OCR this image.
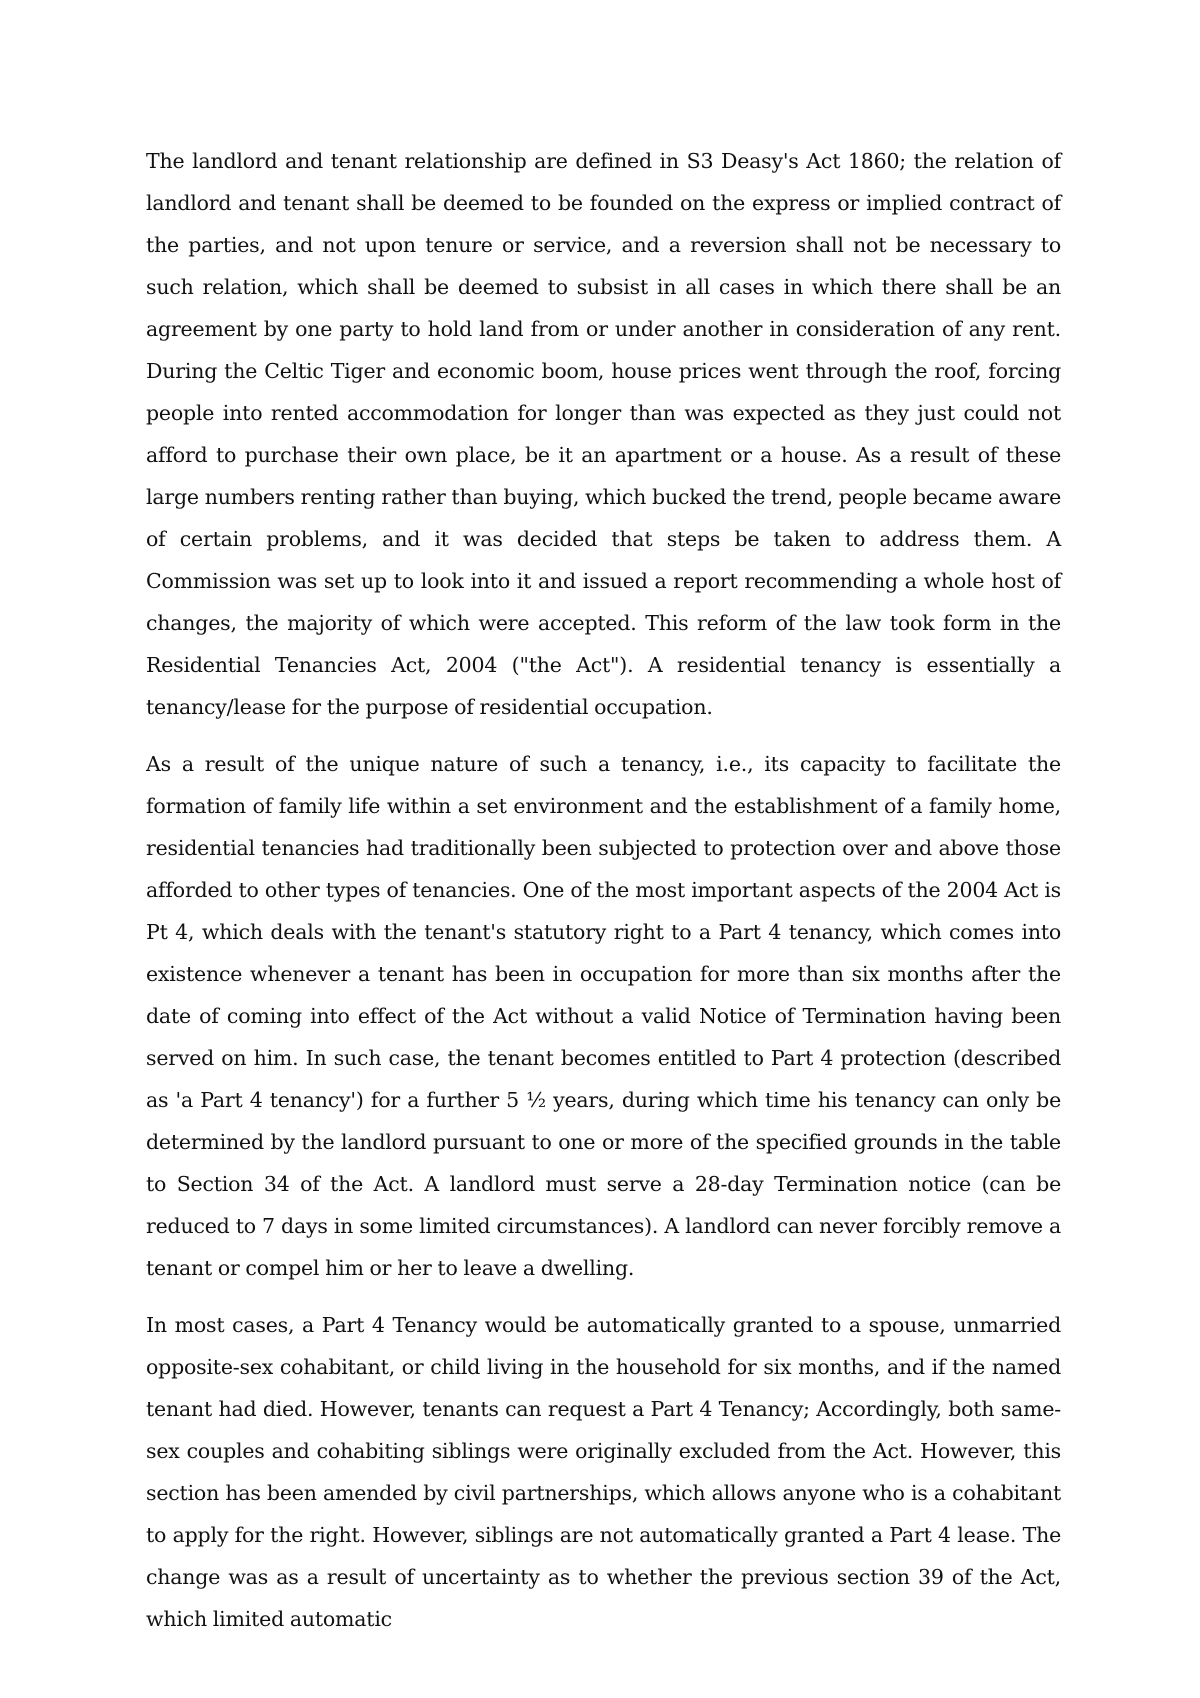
The landlord and tenant relationship are defined in S3 Deasy's Act 1860; the relation of landlord and tenant shall be deemed to be founded on the express or implied contract of the parties, and not upon tenure or service, and a reversion shall not be necessary to such relation, which shall be deemed to subsist in all cases in which there shall be an agreement by one party to hold land from or under another in consideration of any rent. During the Celtic Tiger and economic boom, house prices went through the roof, forcing people into rented accommodation for longer than was expected as they just could not afford to purchase their own place, be it an apartment or a house. As a result of these large numbers renting rather than buying, which bucked the trend, people became aware of certain problems, and it was decided that steps be taken to address them. A Commission was set up to look into it and issued a report recommending a whole host of changes, the majority of which were accepted. This reform of the law took form in the Residential Tenancies Act, 2004 ("the Act"). A residential tenancy is essentially a tenancy/lease for the purpose of residential occupation.

As a result of the unique nature of such a tenancy, i.e., its capacity to facilitate the formation of family life within a set environment and the establishment of a family home, residential tenancies had traditionally been subjected to protection over and above those afforded to other types of tenancies. One of the most important aspects of the 2004 Act is Pt 4, which deals with the tenant's statutory right to a Part 4 tenancy, which comes into existence whenever a tenant has been in occupation for more than six months after the date of coming into effect of the Act without a valid Notice of Termination having been served on him. In such case, the tenant becomes entitled to Part 4 protection (described as 'a Part 4 tenancy') for a further 5 ½ years, during which time his tenancy can only be determined by the landlord pursuant to one or more of the specified grounds in the table to Section 34 of the Act. A landlord must serve a 28-day Termination notice (can be reduced to 7 days in some limited circumstances). A landlord can never forcibly remove a tenant or compel him or her to leave a dwelling.

In most cases, a Part 4 Tenancy would be automatically granted to a spouse, unmarried opposite-sex cohabitant, or child living in the household for six months, and if the named tenant had died. However, tenants can request a Part 4 Tenancy; Accordingly, both same-sex couples and cohabiting siblings were originally excluded from the Act. However, this section has been amended by civil partnerships, which allows anyone who is a cohabitant to apply for the right. However, siblings are not automatically granted a Part 4 lease. The change was as a result of uncertainty as to whether the previous section 39 of the Act, which limited automatic
